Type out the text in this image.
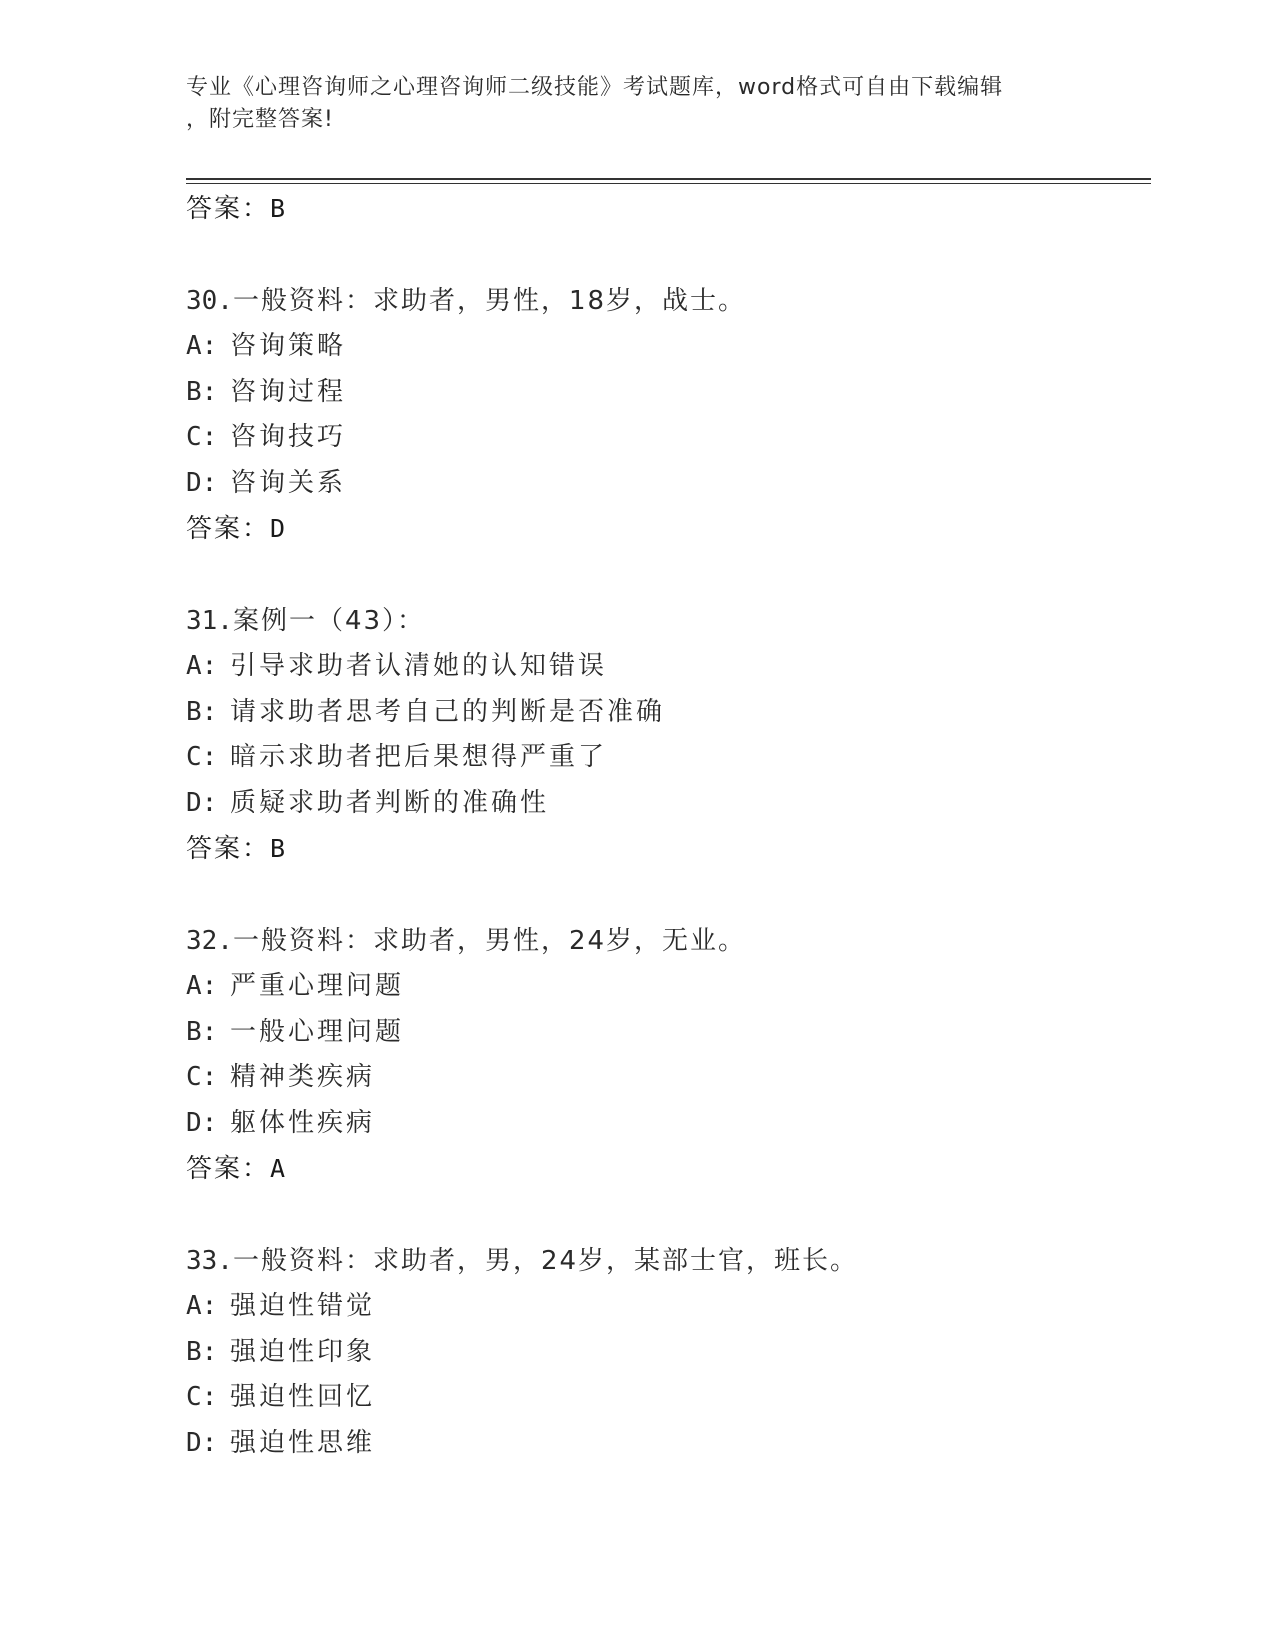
专业《心理咨询师之心理咨询师二级技能》考试题库，word格式可自由下载编辑
，附完整答案!
答案：B
30.一般资料：求助者，男性，18岁，战士。
A: 咨询策略
B: 咨询过程
C: 咨询技巧
D: 咨询关系
答案：D
31.案例一（43）：
A: 引导求助者认清她的认知错误
B: 请求助者思考自己的判断是否准确
C: 暗示求助者把后果想得严重了
D: 质疑求助者判断的准确性
答案：B
32.一般资料：求助者，男性，24岁，无业。
A: 严重心理问题
B: 一般心理问题
C: 精神类疾病
D: 躯体性疾病
答案：A
33.一般资料：求助者，男，24岁，某部士官，班长。
A: 强迫性错觉
B: 强迫性印象
C: 强迫性回忆
D: 强迫性思维
